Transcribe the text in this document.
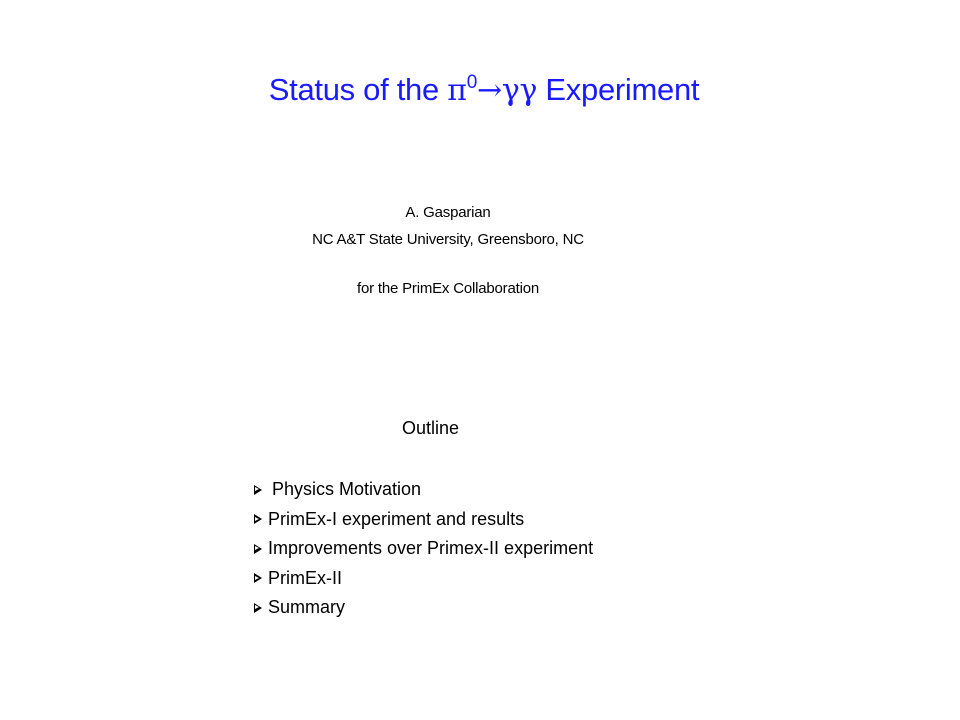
Status of the $\pi^0\to\gamma\gamma$ Experiment
A. Gasparian
NC A&T State University, Greensboro, NC
for the PrimEx Collaboration
Outline
Physics Motivation
PrimEx-I experiment and results
Improvements over Primex-II experiment
PrimEx-II
Summary
